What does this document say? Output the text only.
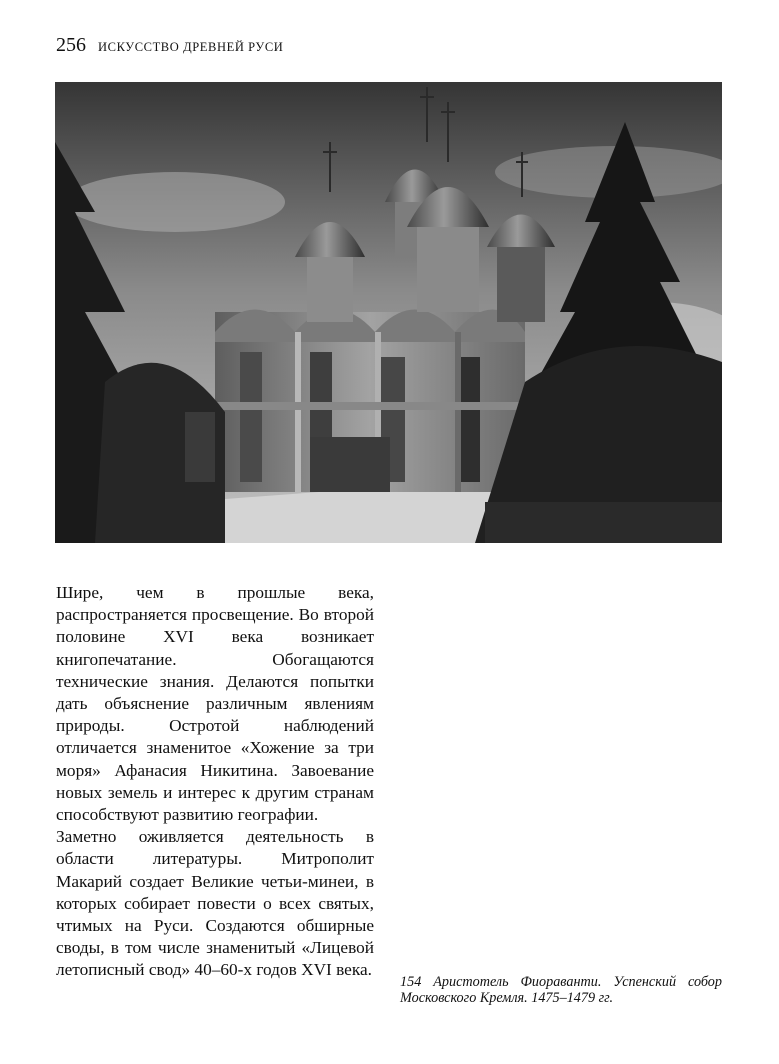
256 ИСКУССТВО ДРЕВНЕЙ РУСИ

Шире, чем в прошлые века, распространяется просвещение. Во второй половине XVI века возникает книгопечатание. Обогащаются технические знания. Делаются попытки дать объяснение различным явлениям природы. Остротой наблюдений отличается знаменитое «Хожение за три моря» Афанасия Никитина. Завоевание новых земель и интерес к другим странам способствуют развитию географии.

Заметно оживляется деятельность в области литературы. Митрополит Макарий создает Великие четьи-минеи, в которых собирает повести о всех святых, чтимых на Руси. Создаются обширные своды, в том числе знаменитый «Лицевой летописный свод» 40–60-х годов XVI века.

154 Аристотель Фиораванти. Успенский собор Московского Кремля. 1475–1479 гг.
